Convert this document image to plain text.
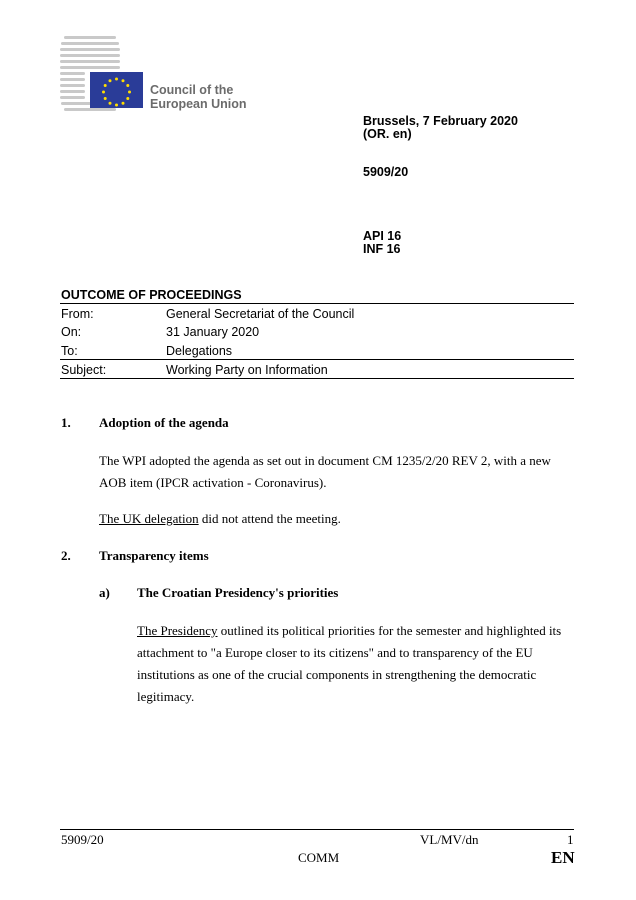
Council of the
European Union
Brussels, 7 February 2020
(OR. en)
5909/20
API 16
INF 16
OUTCOME OF PROCEEDINGS
From:	General Secretariat of the Council
On:	31 January 2020
To:	Delegations
Subject:	Working Party on Information
1. Adoption of the agenda
The WPI adopted the agenda as set out in document CM 1235/2/20 REV 2, with a new AOB item (IPCR activation - Coronavirus).
The UK delegation did not attend the meeting.
2. Transparency items
a) The Croatian Presidency's priorities
The Presidency outlined its political priorities for the semester and highlighted its attachment to "a Europe closer to its citizens" and to transparency of the EU institutions as one of the crucial components in strengthening the democratic legitimacy.
5909/20	VL/MV/dn	1
COMM	EN
